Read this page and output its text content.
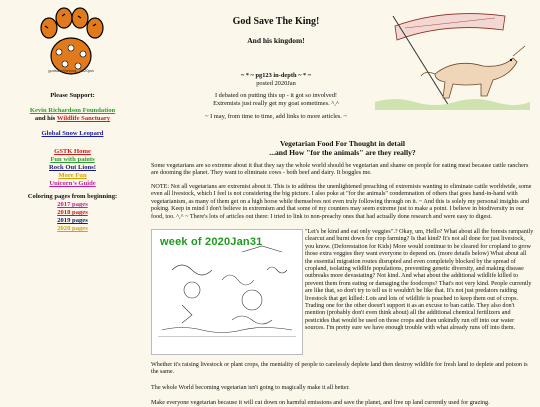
godsavetheking...2020jan
Please Support:
Kevin Richardson Foundation
and his Wildlife Sanctuary
Global Snow Leopard
GSTK Home
Fun with paints
Rock Out Lions!
More Fun
Unicorn's Guide
Coloring pages from beginning:
2017 pages
2018 pages
2019 pages
2020 pages
God Save The King!
And his kingdom!
~ * ~ pg123 in-depth ~ * ~
posted 2020Jan
I debated on putting this up - it got so involved!
Extremists just really get my goat sometimes. ^,^
~ I may, from time to time, add links to more articles. ~
Vegetarian Food For Thought in detail
...and How "for the animals" are they really?

Some vegetarians are so extreme about it that they say the whole world should be vegetarian and shame on people for eating meat because cattle ranchers are dooming the planet. They want to eliminate cows - both beef and dairy. It boggles me.

NOTE: Not all vegetarians are extremist about it. This is to address the unenlightened preaching of extremists wanting to eliminate cattle worldwide, some even all livestock, which I feel is not considering the big picture. I also poke at "for the animals" condemnation of others that goes hand-in-hand with vegetarianism, as many of them get on a high horse while themselves not even truly following through on it. ~ And this is solely my personal insights and poking. Keep in mind I don't believe in extremism and that some of my counters may seem extreme just to make a point. I believe in biodiversity in our food, too. ^,^ ~ There's lots of articles out there: I tried to link to non-preachy ones that had actually done research and were easy to digest.

week of 2020Jan31

"Let's be kind and eat only veggies".? Okay, um, Hello? What about all the forests rampantly clearcut and burnt down for crop farming? Is that kind? It's not all done for just livestock, you know. (Deforestation for Kids) More would continue to be cleared for cropland to grow those extra veggies they want everyone to depend on. (more details below) What about all the essential migration routes disrupted and even completely blocked by the spread of cropland, isolating wildlife populations, preventing genetic diversity, and making disease outbreaks more devastating? Not kind. And what about the additional wildlife killed to prevent them from eating or damaging the foodcrops? That's not very kind. People currently are like that, so don't try to tell us it wouldn't be like that. It's not just predators raiding livestock that get killed: Lots and lots of wildlife is poached to keep them out of crops. Trading one for the other doesn't support it as an excuse to ban cattle. They also don't mention (probably don't even think about) all the additional chemical fertilizers and pesticides that would be used on those crops and then unkindly run off into our water sources. I'm pretty sure we have enough trouble with what already runs off into them.

Whether it's raising livestock or plant crops, the mentality of people to carelessly deplete land then destroy wildlife for fresh land to deplete and poison is the same.

The whole World becoming vegetarian isn't going to magically make it all better.

Make everyone vegetarian because it will cut down on harmful emissions and save the planet, and free up land currently used for grazing.
